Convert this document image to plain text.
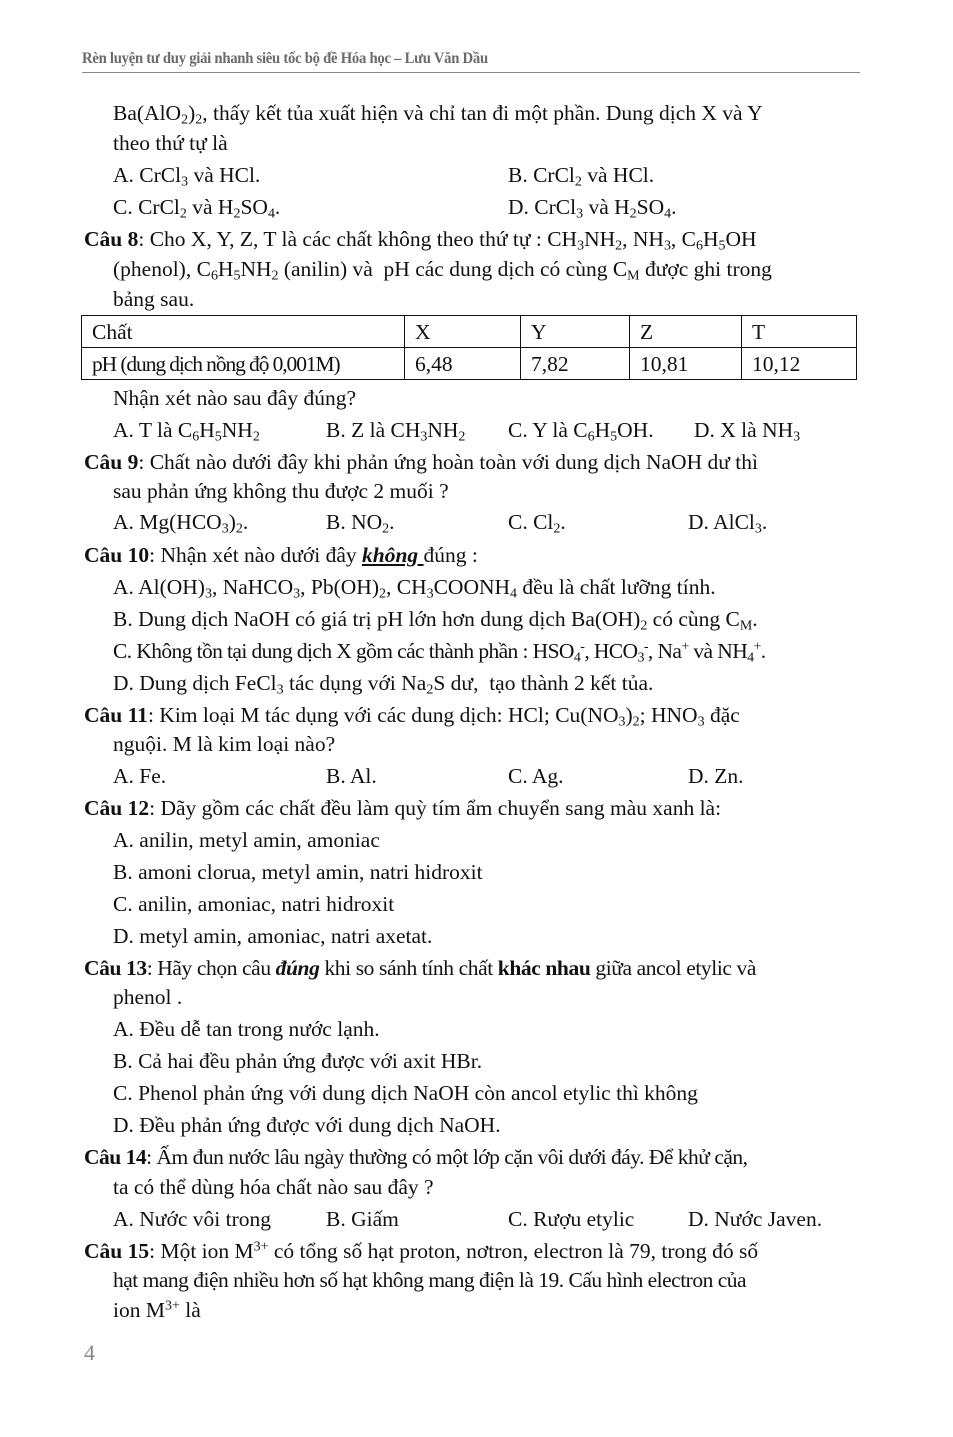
Rèn luyện tư duy giải nhanh siêu tốc bộ đề Hóa học – Lưu Văn Dầu
$Ba(AlO_2)_2$, thấy kết tủa xuất hiện và chỉ tan đi một phần. Dung dịch X và Y
theo thứ tự là
A. CrCl$_3$ và HCl.	B. CrCl$_2$ và HCl.
C. CrCl$_2$ và $H_2SO_4$.	D. CrCl$_3$ và $H_2SO_4$.
Câu 8: Cho X, Y, Z, T là các chất không theo thứ tự : $CH_3NH_2$, $NH_3$, $C_6H_5OH$
(phenol), $C_6H_5NH_2$ (anilin) và  pH các dung dịch có cùng $C_M$ được ghi trong
bảng sau.
Chất	X	Y	Z	T
pH (dung dịch nồng độ 0,001M)	6,48	7,82	10,81	10,12
Nhận xét nào sau đây đúng?
A. T là $C_6H_5NH_2$	B. Z là $CH_3NH_2$ C. Y là $C_6H_5OH$. D. X là $NH_3$
Câu 9: Chất nào dưới đây khi phản ứng hoàn toàn với dung dịch NaOH dư thì
sau phản ứng không thu được 2 muối ?
A. $Mg(HCO_3)_2$.	B. $NO_2$.	C. $Cl_2$.	D. AlCl$_3$.
Câu 10: Nhận xét nào dưới đây không đúng :
A. $Al(OH)_3$, NaHCO$_3$, $Pb(OH)_2$, $CH_3COONH_4$ đều là chất lưỡng tính.
B. Dung dịch NaOH có giá trị pH lớn hơn dung dịch $Ba(OH)_2$ có cùng $C_M$.
C. Không tồn tại dung dịch X gồm các thành phần : $HSO_4^-$, $HCO_3^-$, Na+ và $NH_4^+$.
D. Dung dịch FeCl$_3$ tác dụng với $Na_2S$ dư,  tạo thành 2 kết tủa.
Câu 11: Kim loại M tác dụng với các dung dịch: HCl; $Cu(NO_3)_2$; $HNO_3$ đặc
nguội. M là kim loại nào?
A. Fe.	B. Al.	C. Ag.	D. Zn.
Câu 12: Dãy gồm các chất đều làm quỳ tím ẩm chuyển sang màu xanh là:
A. anilin, metyl amin, amoniac
B. amoni clorua, metyl amin, natri hidroxit
C. anilin, amoniac, natri hidroxit
D. metyl amin, amoniac, natri axetat.
Câu 13: Hãy chọn câu đúng khi so sánh tính chất khác nhau giữa ancol etylic và
phenol .
A. Đều dễ tan trong nước lạnh.
B. Cả hai đều phản ứng được với axit HBr.
C. Phenol phản ứng với dung dịch NaOH còn ancol etylic thì không
D. Đều phản ứng được với dung dịch NaOH.
Câu 14: Ấm đun nước lâu ngày thường có một lớp cặn vôi dưới đáy. Để khử cặn,
ta có thể dùng hóa chất nào sau đây ?
A. Nước vôi trong	B. Giấm	C. Rượu etylic D. Nước Javen.
Câu 15: Một ion $M^{3+}$ có tổng số hạt proton, nơtron, electron là 79, trong đó số
hạt mang điện nhiều hơn số hạt không mang điện là 19. Cấu hình electron của
ion $M^{3+}$ là
4
